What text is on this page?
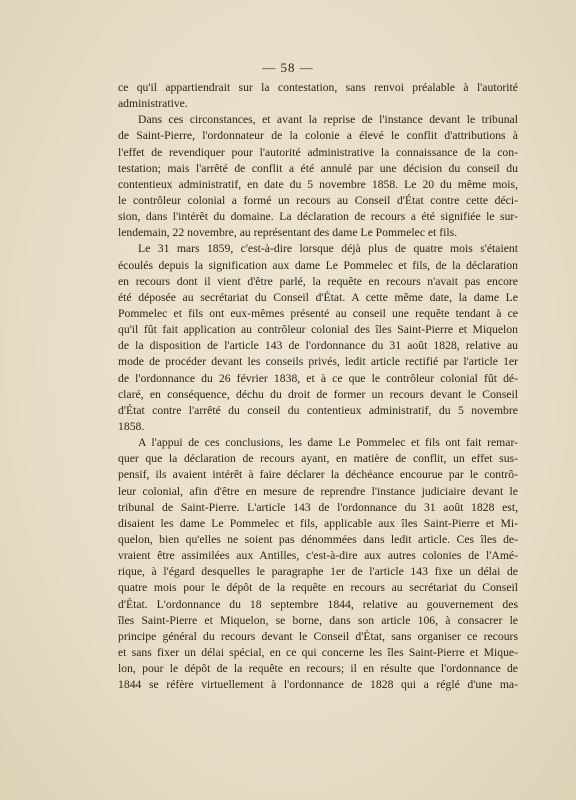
— 58 —
ce qu'il appartiendrait sur la contestation, sans renvoi préalable à l'autorité
administrative.
Dans ces circonstances, et avant la reprise de l'instance devant le tribunal
de Saint-Pierre, l'ordonnateur de la colonie a élevé le conflit d'attributions à
l'effet de revendiquer pour l'autorité administrative la connaissance de la con-
testation; mais l'arrêté de conflit a été annulé par une décision du conseil du
contentieux administratif, en date du 5 novembre 1858. Le 20 du même mois,
le contrôleur colonial a formé un recours au Conseil d'État contre cette déci-
sion, dans l'intérêt du domaine. La déclaration de recours a été signifiée le sur-
lendemain, 22 novembre, au représentant des dame Le Pommelec et fils.
Le 31 mars 1859, c'est-à-dire lorsque déjà plus de quatre mois s'étaient
écoulés depuis la signification aux dame Le Pommelec et fils, de la déclaration
en recours dont il vient d'être parlé, la requête en recours n'avait pas encore
été déposée au secrétariat du Conseil d'État. A cette même date, la dame Le
Pommelec et fils ont eux-mêmes présenté au conseil une requête tendant à ce
qu'il fût fait application au contrôleur colonial des îles Saint-Pierre et Miquelon
de la disposition de l'article 143 de l'ordonnance du 31 août 1828, relative au
mode de procéder devant les conseils privés, ledit article rectifié par l'article 1er
de l'ordonnance du 26 février 1838, et à ce que le contrôleur colonial fût dé-
claré, en conséquence, déchu du droit de former un recours devant le Conseil
d'État contre l'arrêté du conseil du contentieux administratif, du 5 novembre
1858.
A l'appui de ces conclusions, les dame Le Pommelec et fils ont fait remar-
quer que la déclaration de recours ayant, en matière de conflit, un effet sus-
pensif, ils avaient intérêt à faire déclarer la déchéance encourue par le contrô-
leur colonial, afin d'être en mesure de reprendre l'instance judiciaire devant le
tribunal de Saint-Pierre. L'article 143 de l'ordonnance du 31 août 1828 est,
disaient les dame Le Pommelec et fils, applicable aux îles Saint-Pierre et Mi-
quelon, bien qu'elles ne soient pas dénommées dans ledit article. Ces îles de-
vraient être assimilées aux Antilles, c'est-à-dire aux autres colonies de l'Amé-
rique, à l'égard desquelles le paragraphe 1er de l'article 143 fixe un délai de
quatre mois pour le dépôt de la requête en recours au secrétariat du Conseil
d'État. L'ordonnance du 18 septembre 1844, relative au gouvernement des
îles Saint-Pierre et Miquelon, se borne, dans son article 106, à consacrer le
principe général du recours devant le Conseil d'État, sans organiser ce recours
et sans fixer un délai spécial, en ce qui concerne les îles Saint-Pierre et Mique-
lon, pour le dépôt de la requête en recours; il en résulte que l'ordonnance de
1844 se réfère virtuellement à l'ordonnance de 1828 qui a réglé d'une ma-
